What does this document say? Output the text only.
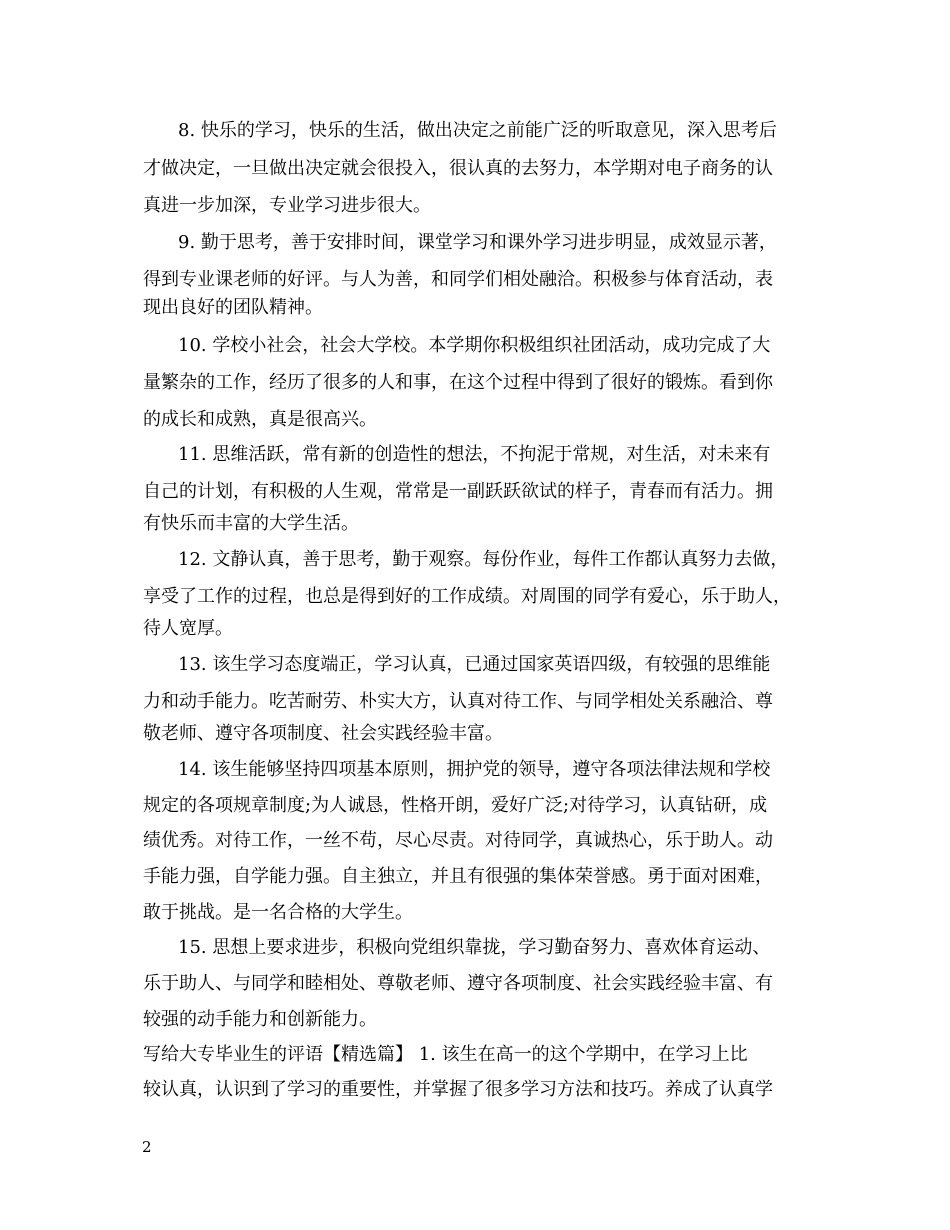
8. 快乐的学习，快乐的生活，做出决定之前能广泛的听取意见，深入思考后
才做决定，一旦做出决定就会很投入，很认真的去努力，本学期对电子商务的认
真进一步加深，专业学习进步很大。
9. 勤于思考，善于安排时间，课堂学习和课外学习进步明显，成效显示著，
得到专业课老师的好评。与人为善，和同学们相处融洽。积极参与体育活动，表
现出良好的团队精神。
10. 学校小社会，社会大学校。本学期你积极组织社团活动，成功完成了大
量繁杂的工作，经历了很多的人和事，在这个过程中得到了很好的锻炼。看到你
的成长和成熟，真是很高兴。
11. 思维活跃，常有新的创造性的想法，不拘泥于常规，对生活，对未来有
自己的计划，有积极的人生观，常常是一副跃跃欲试的样子，青春而有活力。拥
有快乐而丰富的大学生活。
12. 文静认真，善于思考，勤于观察。每份作业，每件工作都认真努力去做，
享受了工作的过程，也总是得到好的工作成绩。对周围的同学有爱心，乐于助人，
待人宽厚。
13. 该生学习态度端正，学习认真，已通过国家英语四级，有较强的思维能
力和动手能力。吃苦耐劳、朴实大方，认真对待工作、与同学相处关系融洽、尊
敬老师、遵守各项制度、社会实践经验丰富。
14. 该生能够坚持四项基本原则，拥护党的领导，遵守各项法律法规和学校
规定的各项规章制度;为人诚恳，性格开朗，爱好广泛;对待学习，认真钻研，成
绩优秀。对待工作，一丝不苟，尽心尽责。对待同学，真诚热心，乐于助人。动
手能力强，自学能力强。自主独立，并且有很强的集体荣誉感。勇于面对困难，
敢于挑战。是一名合格的大学生。
15. 思想上要求进步，积极向党组织靠拢，学习勤奋努力、喜欢体育运动、
乐于助人、与同学和睦相处、尊敬老师、遵守各项制度、社会实践经验丰富、有
较强的动手能力和创新能力。
写给大专毕业生的评语【精选篇】 1. 该生在高一的这个学期中，在学习上比
较认真，认识到了学习的重要性，并掌握了很多学习方法和技巧。养成了认真学
2
